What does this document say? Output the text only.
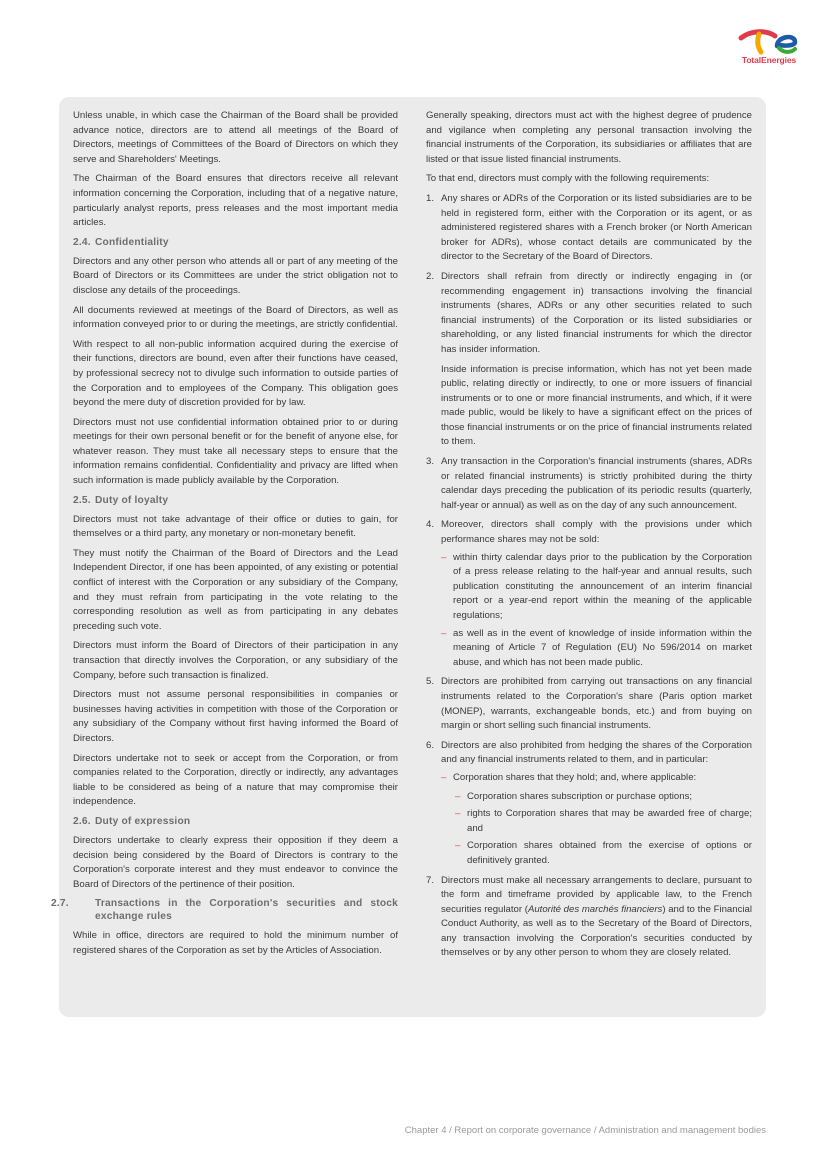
TotalEnergies

Unless unable, in which case the Chairman of the Board shall be provided advance notice, directors are to attend all meetings of the Board of Directors, meetings of Committees of the Board of Directors on which they serve and Shareholders' Meetings.

The Chairman of the Board ensures that directors receive all relevant information concerning the Corporation, including that of a negative nature, particularly analyst reports, press releases and the most important media articles.

2.4. Confidentiality

Directors and any other person who attends all or part of any meeting of the Board of Directors or its Committees are under the strict obligation not to disclose any details of the proceedings.

All documents reviewed at meetings of the Board of Directors, as well as information conveyed prior to or during the meetings, are strictly confidential.

With respect to all non-public information acquired during the exercise of their functions, directors are bound, even after their functions have ceased, by professional secrecy not to divulge such information to outside parties of the Corporation and to employees of the Company. This obligation goes beyond the mere duty of discretion provided for by law.

Directors must not use confidential information obtained prior to or during meetings for their own personal benefit or for the benefit of anyone else, for whatever reason. They must take all necessary steps to ensure that the information remains confidential. Confidentiality and privacy are lifted when such information is made publicly available by the Corporation.

2.5. Duty of loyalty

Directors must not take advantage of their office or duties to gain, for themselves or a third party, any monetary or non-monetary benefit.

They must notify the Chairman of the Board of Directors and the Lead Independent Director, if one has been appointed, of any existing or potential conflict of interest with the Corporation or any subsidiary of the Company, and they must refrain from participating in the vote relating to the corresponding resolution as well as from participating in any debates preceding such vote.

Directors must inform the Board of Directors of their participation in any transaction that directly involves the Corporation, or any subsidiary of the Company, before such transaction is finalized.

Directors must not assume personal responsibilities in companies or businesses having activities in competition with those of the Corporation or any subsidiary of the Company without first having informed the Board of Directors.

Directors undertake not to seek or accept from the Corporation, or from companies related to the Corporation, directly or indirectly, any advantages liable to be considered as being of a nature that may compromise their independence.

2.6. Duty of expression

Directors undertake to clearly express their opposition if they deem a decision being considered by the Board of Directors is contrary to the Corporation's corporate interest and they must endeavor to convince the Board of Directors of the pertinence of their position.

2.7.	Transactions in the Corporation's securities and stock exchange rules

While in office, directors are required to hold the minimum number of registered shares of the Corporation as set by the Articles of Association.

Generally speaking, directors must act with the highest degree of prudence and vigilance when completing any personal transaction involving the financial instruments of the Corporation, its subsidiaries or affiliates that are listed or that issue listed financial instruments.

To that end, directors must comply with the following requirements:

1. Any shares or ADRs of the Corporation or its listed subsidiaries are to be held in registered form, either with the Corporation or its agent, or as administered registered shares with a French broker (or North American broker for ADRs), whose contact details are communicated by the director to the Secretary of the Board of Directors.

2. Directors shall refrain from directly or indirectly engaging in (or recommending engagement in) transactions involving the financial instruments (shares, ADRs or any other securities related to such financial instruments) of the Corporation or its listed subsidiaries or shareholding, or any listed financial instruments for which the director has insider information.

Inside information is precise information, which has not yet been made public, relating directly or indirectly, to one or more issuers of financial instruments or to one or more financial instruments, and which, if it were made public, would be likely to have a significant effect on the prices of those financial instruments or on the price of financial instruments related to them.

3. Any transaction in the Corporation's financial instruments (shares, ADRs or related financial instruments) is strictly prohibited during the thirty calendar days preceding the publication of its periodic results (quarterly, half-year or annual) as well as on the day of any such announcement.

4. Moreover, directors shall comply with the provisions under which performance shares may not be sold:

– within thirty calendar days prior to the publication by the Corporation of a press release relating to the half-year and annual results, such publication constituting the announcement of an interim financial report or a year-end report within the meaning of the applicable regulations;
– as well as in the event of knowledge of inside information within the meaning of Article 7 of Regulation (EU) No 596/2014 on market abuse, and which has not been made public.
5. Directors are prohibited from carrying out transactions on any financial instruments related to the Corporation's share (Paris option market (MONEP), warrants, exchangeable bonds, etc.) and from buying on margin or short selling such financial instruments.

6. Directors are also prohibited from hedging the shares of the Corporation and any financial instruments related to them, and in particular:

– Corporation shares that they hold; and, where applicable:
– Corporation shares subscription or purchase options;
– rights to Corporation shares that may be awarded free of charge; and
– Corporation shares obtained from the exercise of options or definitively granted.
7. Directors must make all necessary arrangements to declare, pursuant to the form and timeframe provided by applicable law, to the French securities regulator (Autorité des marchés financiers) and to the Financial Conduct Authority, as well as to the Secretary of the Board of Directors, any transaction involving the Corporation's securities conducted by themselves or by any other person to whom they are closely related.

Chapter 4 / Report on corporate governance / Administration and management bodies
